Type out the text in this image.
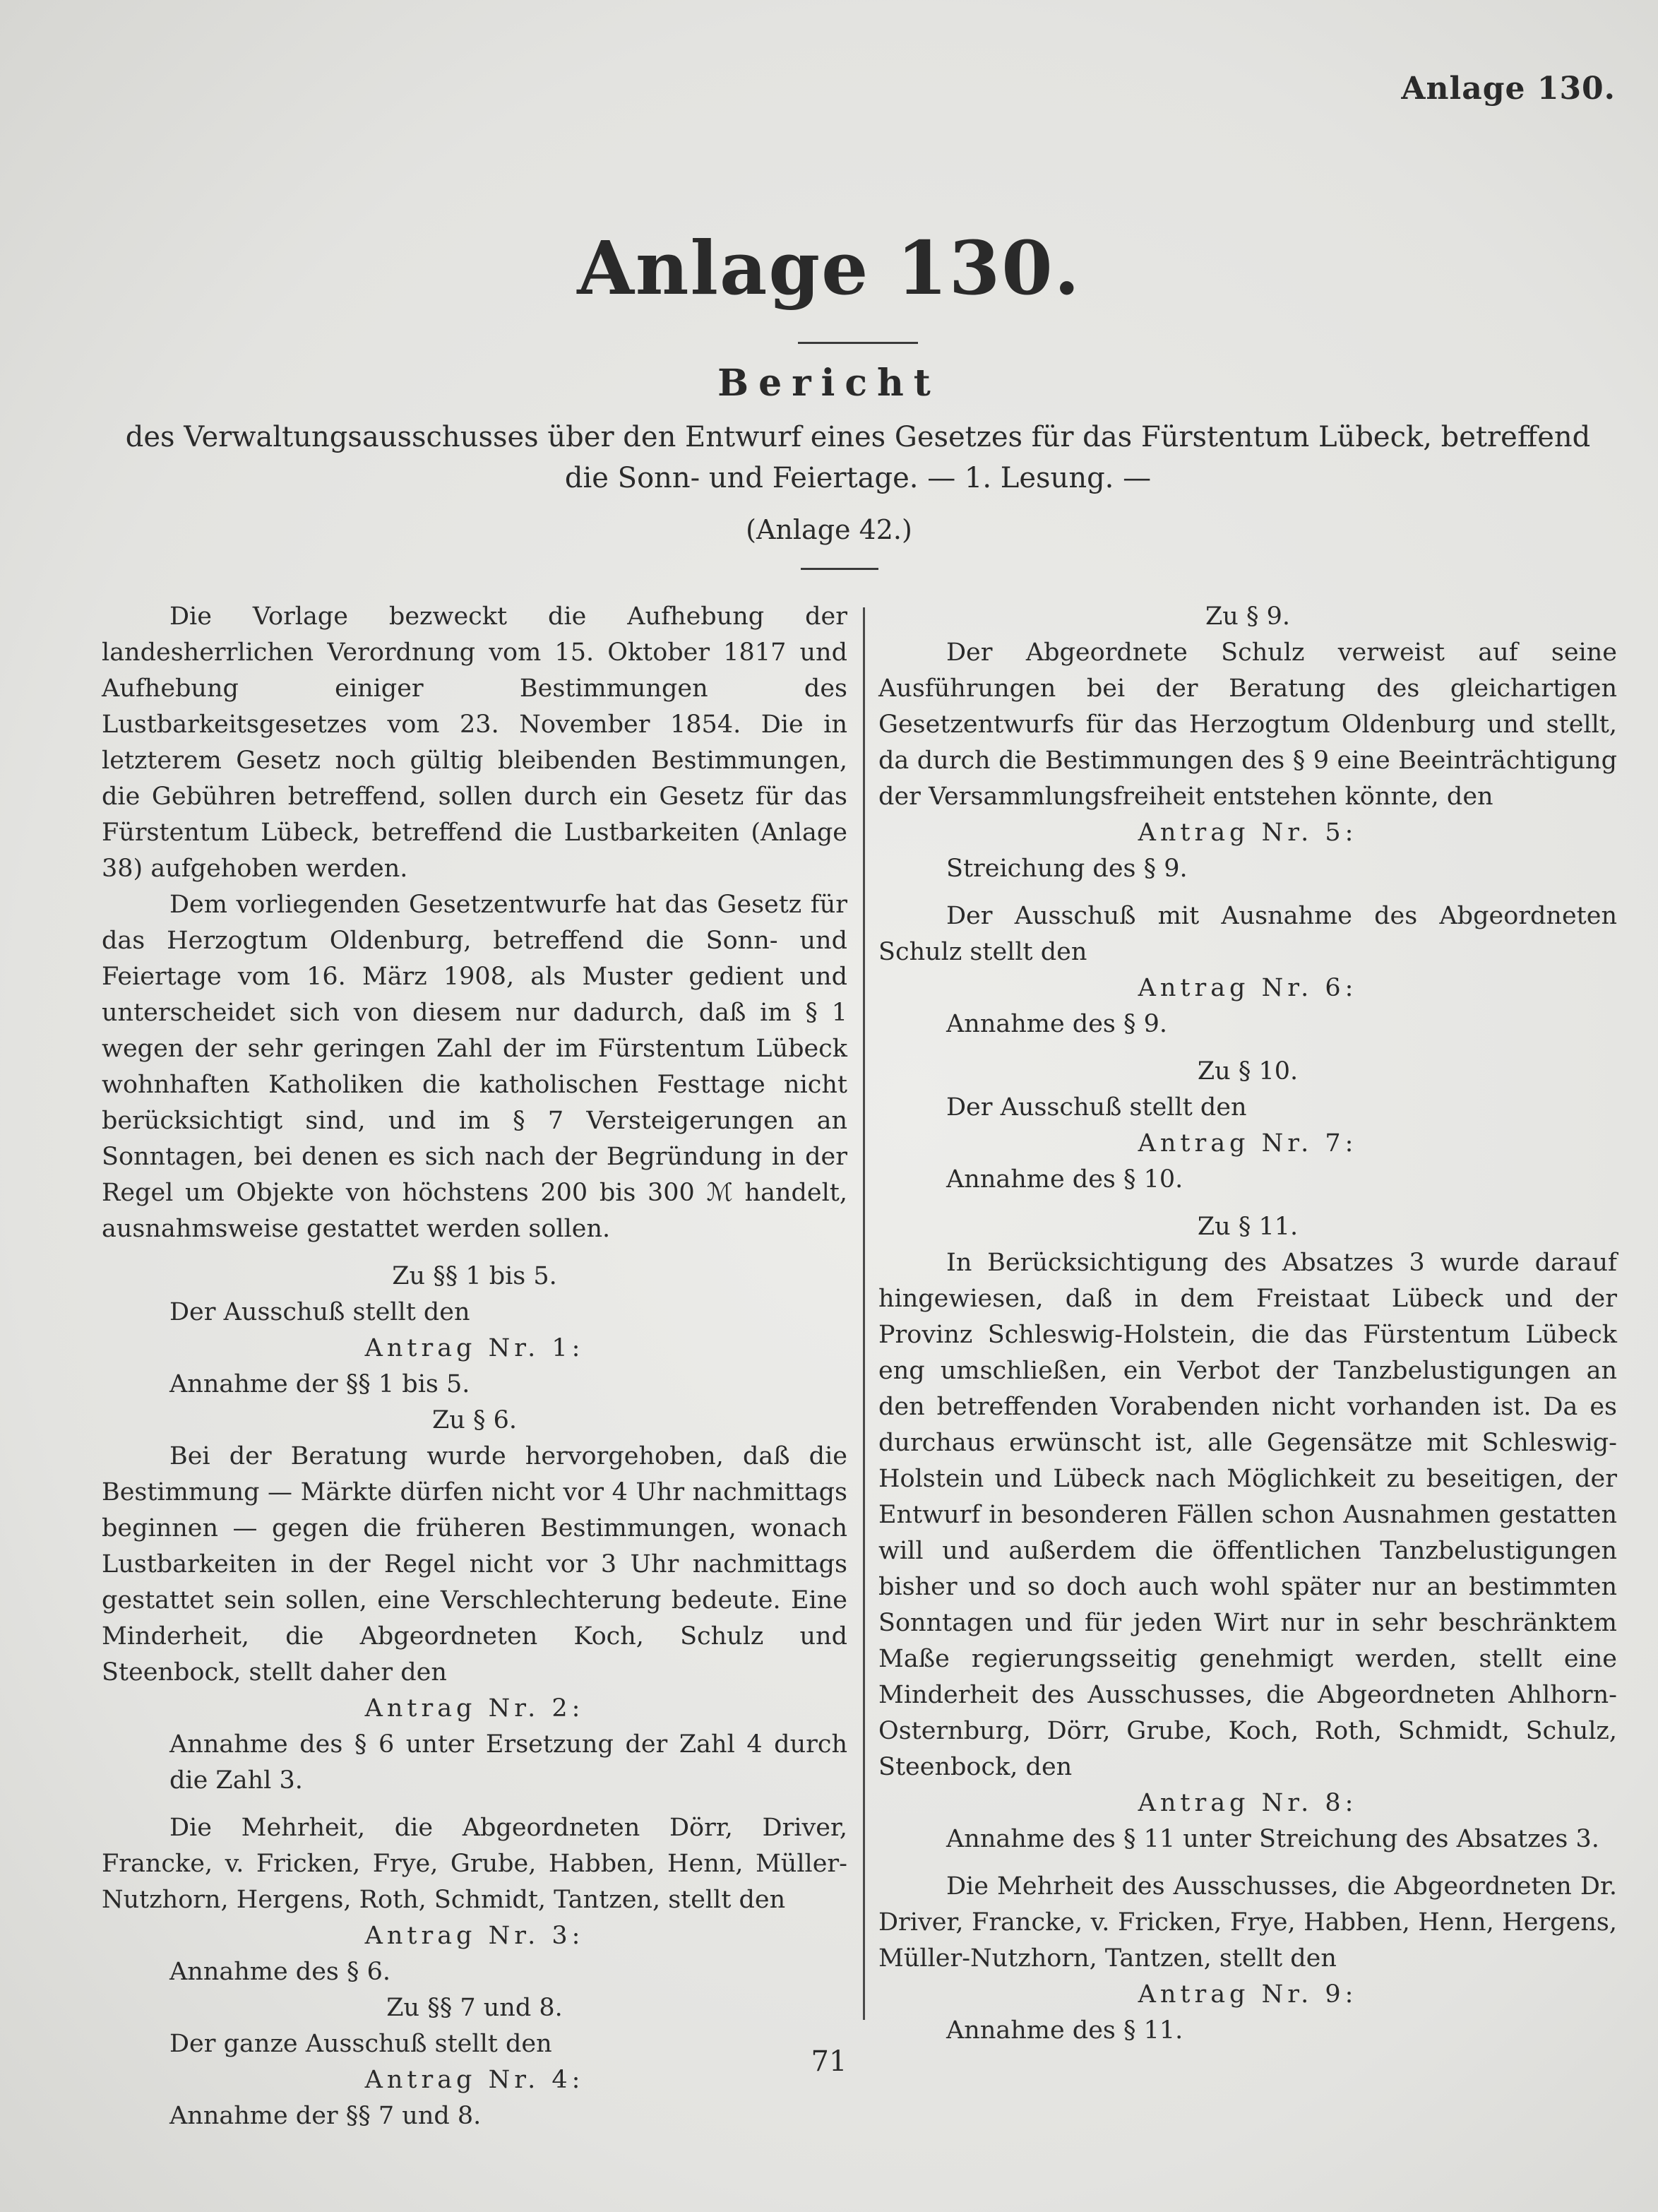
Anlage 130.
Anlage 130.
Bericht
des Verwaltungsausschusses über den Entwurf eines Gesetzes für das Fürstentum Lübeck, betreffend
die Sonn- und Feiertage. — 1. Lesung. —
(Anlage 42.)

Die Vorlage bezweckt die Aufhebung der landesherrlichen Verordnung vom 15. Oktober 1817 und Aufhebung einiger Bestimmungen des Lustbarkeitsgesetzes vom 23. November 1854. Die in letzterem Gesetz noch gültig bleibenden Bestimmungen, die Gebühren betreffend, sollen durch ein Gesetz für das Fürstentum Lübeck, betreffend die Lustbarkeiten (Anlage 38) aufgehoben werden.

Dem vorliegenden Gesetzentwurfe hat das Gesetz für das Herzogtum Oldenburg, betreffend die Sonn- und Feiertage vom 16. März 1908, als Muster gedient und unterscheidet sich von diesem nur dadurch, daß im § 1 wegen der sehr geringen Zahl der im Fürstentum Lübeck wohnhaften Katholiken die katholischen Festtage nicht berücksichtigt sind, und im § 7 Versteigerungen an Sonntagen, bei denen es sich nach der Begründung in der Regel um Objekte von höchstens 200 bis 300 ℳ handelt, ausnahmsweise gestattet werden sollen.

Zu §§ 1 bis 5.

Der Ausschuß stellt den

Antrag Nr. 1:

Annahme der §§ 1 bis 5.

Zu § 6.

Bei der Beratung wurde hervorgehoben, daß die Bestimmung — Märkte dürfen nicht vor 4 Uhr nachmittags beginnen — gegen die früheren Bestimmungen, wonach Lustbarkeiten in der Regel nicht vor 3 Uhr nachmittags gestattet sein sollen, eine Verschlechterung bedeute. Eine Minderheit, die Abgeordneten Koch, Schulz und Steenbock, stellt daher den

Antrag Nr. 2:

Annahme des § 6 unter Ersetzung der Zahl 4 durch die Zahl 3.

Die Mehrheit, die Abgeordneten Dörr, Driver, Francke, v. Fricken, Frye, Grube, Habben, Henn, Müller-Nutzhorn, Hergens, Roth, Schmidt, Tantzen, stellt den

Antrag Nr. 3:

Annahme des § 6.

Zu §§ 7 und 8.

Der ganze Ausschuß stellt den

Antrag Nr. 4:

Annahme der §§ 7 und 8.

Zu § 9.

Der Abgeordnete Schulz verweist auf seine Ausführungen bei der Beratung des gleichartigen Gesetzentwurfs für das Herzogtum Oldenburg und stellt, da durch die Bestimmungen des § 9 eine Beeinträchtigung der Versammlungsfreiheit entstehen könnte, den

Antrag Nr. 5:

Streichung des § 9.

Der Ausschuß mit Ausnahme des Abgeordneten Schulz stellt den

Antrag Nr. 6:

Annahme des § 9.

Zu § 10.

Der Ausschuß stellt den

Antrag Nr. 7:

Annahme des § 10.

Zu § 11.

In Berücksichtigung des Absatzes 3 wurde darauf hingewiesen, daß in dem Freistaat Lübeck und der Provinz Schleswig-Holstein, die das Fürstentum Lübeck eng umschließen, ein Verbot der Tanzbelustigungen an den betreffenden Vorabenden nicht vorhanden ist. Da es durchaus erwünscht ist, alle Gegensätze mit Schleswig-Holstein und Lübeck nach Möglichkeit zu beseitigen, der Entwurf in besonderen Fällen schon Ausnahmen gestatten will und außerdem die öffentlichen Tanzbelustigungen bisher und so doch auch wohl später nur an bestimmten Sonntagen und für jeden Wirt nur in sehr beschränktem Maße regierungsseitig genehmigt werden, stellt eine Minderheit des Ausschusses, die Abgeordneten Ahlhorn-Osternburg, Dörr, Grube, Koch, Roth, Schmidt, Schulz, Steenbock, den

Antrag Nr. 8:

Annahme des § 11 unter Streichung des Absatzes 3.

Die Mehrheit des Ausschusses, die Abgeordneten Dr. Driver, Francke, v. Fricken, Frye, Habben, Henn, Hergens, Müller-Nutzhorn, Tantzen, stellt den

Antrag Nr. 9:

Annahme des § 11.

71
